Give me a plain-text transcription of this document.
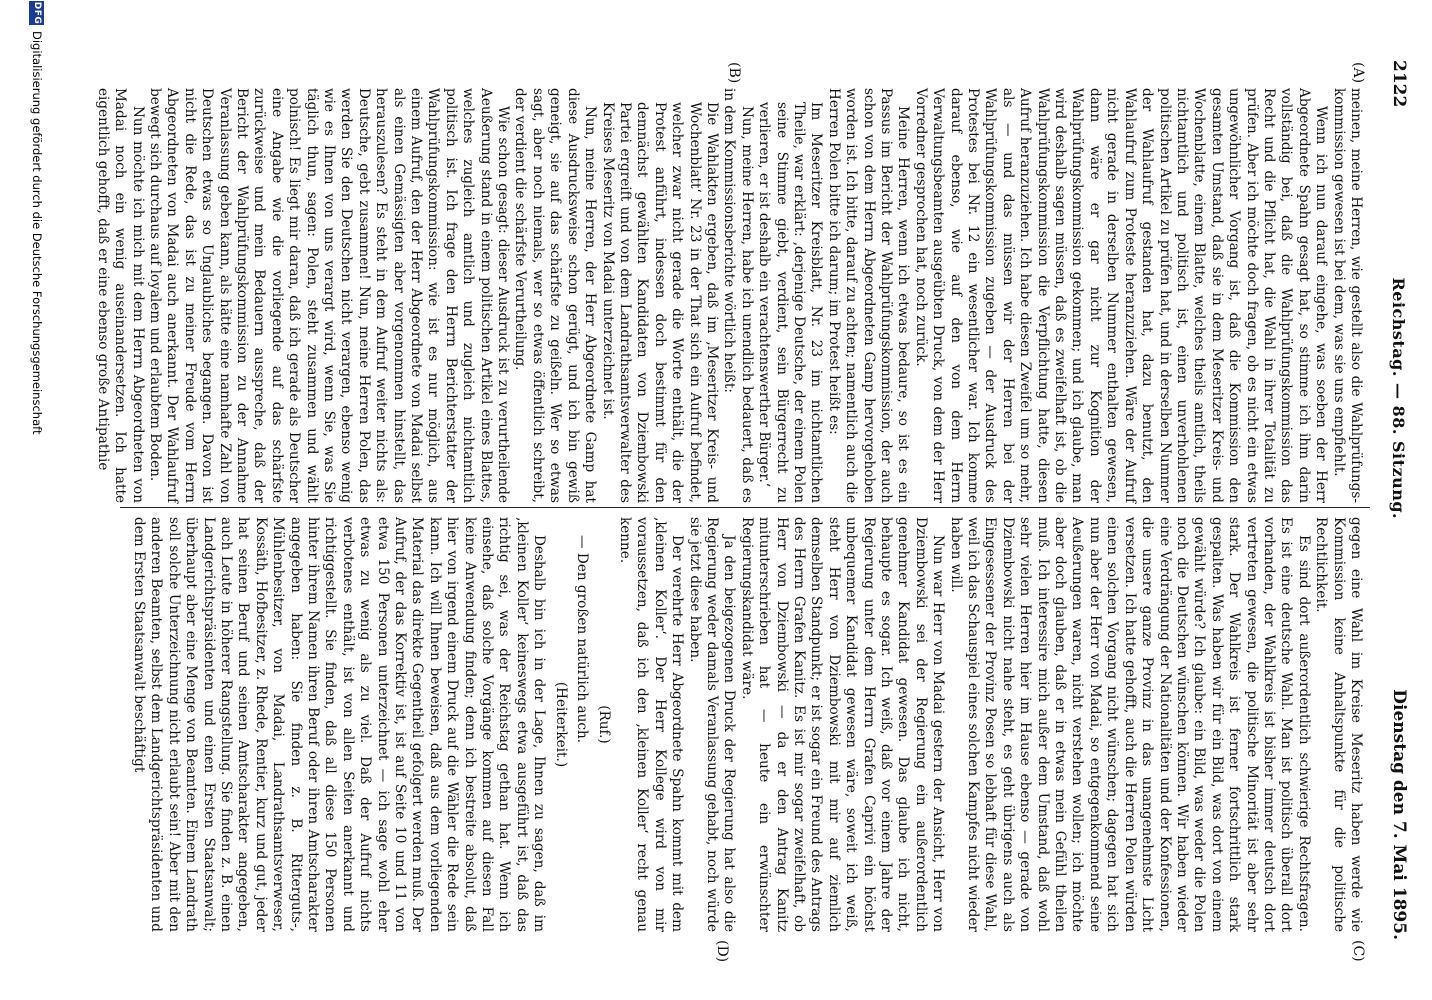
2122
Reichstag. — 88. Sitzung.
Dienstag den 7. Mai 1895.
(A)
(B)
(C)
(D)

meinen, meine Herren, wie gestellt also die Wahlprüfungs-kommission gewesen ist bei dem, was sie uns empfiehlt.

Wenn ich nun darauf eingehe, was soeben der Herr Abgeordnete Spahn gesagt hat, so stimme ich ihm darin vollständig bei, daß die Wahlprüfungskommission das Recht und die Pflicht hat, die Wahl in ihrer Totalität zu prüfen. Aber ich möchte doch fragen, ob es nicht ein etwas ungewöhnlicher Vorgang ist, daß die Kommission den gesamten Umstand, daß sie in dem Meseritzer Kreis- und Wochenblatte, einem Blatte, welches theils amtlich, theils nichtamtlich und politisch ist, einen unverhohlenen politischen Artikel zu prüfen hat, und in derselben Nummer der Wahlaufruf gestanden hat, dazu benutzt, den Wahlaufruf zum Proteste heranzuziehen. Wäre der Aufruf nicht gerade in derselben Nummer enthalten gewesen, dann wäre er gar nicht zur Kognition der Wahlprüfungskommission gekommen; und ich glaube, man wird deshalb sagen müssen, daß es zweifelhaft ist, ob die Wahlprüfungskommission die Verpflichtung hatte, diesen Aufruf heranzuziehen. Ich habe diesen Zweifel um so mehr, als — und das müssen wir der Herren bei der Wahlprüfungskommission zugeben — der Ausdruck des Protestes bei Nr. 12 ein wesentlicher war. Ich komme darauf ebenso, wie auf den von dem Herrn Verwaltungsbeamten ausgeübten Druck, von dem der Herr Vorredner gesprochen hat, noch zurück.

Meine Herren, wenn ich etwas bedaure, so ist es ein Passus im Bericht der Wahlprüfungskommission, der auch schon von dem Herrn Abgeordneten Gamp hervorgehoben worden ist. Ich bitte, darauf zu achten; namentlich auch die Herren Polen bitte ich darum; im Protest heißt es:

Im Meseritzer Kreisblatt, Nr. 23 im nichtamtlichen Theile, war erklärt: ‚derjenige Deutsche, der einem Polen seine Stimme giebt, verdient, sein Bürgerrecht zu verlieren, er ist deshalb ein verachtenswerther Bürger.‘

Nun, meine Herren, habe ich unendlich bedauert, daß es in dem Kommissionsberichte wörtlich heißt:

Die Wahlakten ergeben, daß im ‚Meseritzer Kreis- und Wochenblatt‘ Nr. 23 in der That sich ein Aufruf befindet, welcher zwar nicht gerade die Worte enthält, die der Protest anführt, indessen doch bestimmt für den demnächst gewählten Kandidaten von Dziembowski Partei ergreift und von dem Landrathsamtsverwalter des Kreises Meseritz von Madai unterzeichnet ist.

Nun, meine Herren, der Herr Abgeordnete Gamp hat diese Ausdrucksweise schon gerügt, und ich bin gewiß geneigt, sie auf das schärfste zu geißeln. Wer so etwas sagt, aber noch niemals, wer so etwas öffentlich schreibt, der verdient die schärfste Verurtheilung.

Wie schon gesagt: dieser Ausdruck ist zu verurtheilende Aeußerung stand in einem politischen Artikel eines Blattes, welches zugleich amtlich und zugleich nichtamtlich politisch ist. Ich frage den Herrn Berichterstatter der Wahlprüfungskommission: wie ist es nur möglich, aus einem Aufruf, den der Herr Abgeordnete von Madai selbst als einen Gemässigten aber vorgenommen hinstellt, das herauszulesen? Es steht in dem Aufruf weiter nichts als: Deutsche, gebt zusammen! Nun, meine Herren Polen, das werden Sie den Deutschen nicht verargen, ebenso wenig wie es Ihnen von uns verargt wird, wenn Sie, was Sie täglich thun, sagen: Polen, steht zusammen und wählt polnisch! Es liegt mir daran, daß ich gerade als Deutscher eine Angabe wie die vorliegende auf das schärfste zurückweise und mein Bedauern ausspreche, daß der Bericht der Wahlprüfungskommission zu der Annahme Veranlassung geben kann, als hätte eine namhafte Zahl von Deutschen etwas so Unglaubliches begangen. Davon ist nicht die Rede, das ist zu meiner Freude vom Herrn Abgeordneten von Madai auch anerkannt. Der Wahlaufruf bewegt sich durchaus auf loyalem und erlaubtem Boden.

Nun möchte ich mich mit dem Herrn Abgeordneten von Madai noch ein wenig auseinandersetzen. Ich hatte eigentlich gehofft, daß er eine ebenso große Antipathie

gegen eine Wahl im Kreise Meseritz haben werde wie Kommission keine Anhaltspunkte für die politische Rechtlichkeit.

Es sind dort außerordentlich schwierige Rechtsfragen. Es ist eine deutsche Wahl. Man ist politisch überall dort vorhanden, der Wahlkreis ist bisher immer deutsch dort vertreten gewesen, die politische Minorität ist aber sehr stark. Der Wahlkreis ist ferner fortschrittlich stark gespalten. Was haben wir für ein Bild, was dort von einem gewählt würde? Ich glaube: ein Bild, was weder die Polen noch die Deutschen wünschen können. Wir haben wieder eine Verdrängung der Nationalitäten und der Konfessionen, die unsere ganze Provinz in das unangenehmste Licht versetzen. Ich hatte gehofft, auch die Herren Polen würden einen solchen Vorgang nicht wünschen; dagegen hat sich nun aber der Herr von Madai, so entgegenkommend seine Aeußerungen waren, nicht verstehen wollen; ich möchte aber doch glauben, daß er in etwas mein Gefühl theilen muß. Ich interessire mich außer dem Umstand, daß wohl sehr vielen Herren hier im Hause ebenso — gerade von Dziembowski nicht nahe steht, es geht übrigens auch als Eingesessener der Provinz Posen so lebhaft für diese Wahl, weil ich das Schauspiel eines solchen Kampfes nicht wieder haben will.

Nun war Herr von Madai gestern der Ansicht, Herr von Dziembowski sei der Regierung ein außerordentlich genehmer Kandidat gewesen. Das glaube ich nicht, behaupte es sogar. Ich weiß, daß vor einem Jahre der Regierung unter dem Herrn Grafen Caprivi ein höchst unbequemer Kandidat gewesen wäre, soweit ich weiß, steht Herr von Dziembowski mit mir auf ziemlich demselben Standpunkt; er ist sogar ein Freund des Antrags des Herrn Grafen Kanitz. Es ist mir sogar zweifelhaft, ob Herr von Dziembowski — da er den Antrag Kanitz mitunterschrieben hat — heute ein erwünschter Regierungskandidat wäre.

Ja den beigezogenen Druck der Regierung hat also die Regierung weder damals Veranlassung gehabt, noch würde sie jetzt diese haben.

Der verehrte Herr Abgeordnete Spahn kommt mit dem ‚kleinen Koller‘. Der Herr Kollege wird von mir voraussetzen, daß ich den ‚kleinen Koller‘ recht genau kenne.

(Ruf.)

— Den großen natürlich auch.

(Heiterkeit.)

Deshalb bin ich in der Lage, Ihnen zu sagen, daß im ‚kleinen Koller‘ keineswegs etwa ausgeführt ist, daß das richtig sei, was der Reichstag gethan hat. Wenn ich einsehe, daß solche Vorgänge kommen auf diesen Fall keine Anwendung finden; denn ich bestreite absolut, daß hier von irgend einem Druck auf die Wähler die Rede sein kann. Ich will Ihnen beweisen, daß aus dem vorliegenden Material das direkte Gegentheil gefolgert werden muß. Der Aufruf, der das Korrektiv ist, ist auf Seite 10 und 11 von etwa 150 Personen unterzeichnet — ich sage wohl eher etwas zu wenig als zu viel. Daß der Aufruf nichts verbotenes enthält, ist von allen Seiten anerkannt und richtiggestellt. Sie finden, daß all diese 150 Personen hinter ihrem Namen ihren Beruf oder ihren Amtscharakter angegeben haben: Sie finden z. B. Ritterguts-, Mühlenbesitzer, von Madai, Landrathsamtsverweser, Kossäth, Hofbesitzer, z. Rhede, Rentier, kurz und gut, jeder hat seinen Beruf und seinen Amtscharakter angegeben, auch Leute in höherer Rangstellung. Sie finden z. B. einen Landgerichtspräsidenten und einen Ersten Staatsanwalt; überhaupt aber eine Menge von Beamten. Einem Landrath soll solche Unterzeichnung nicht erlaubt sein! Aber mit den anderen Beamten, selbst dem Landgerichtspräsidenten und dem Ersten Staatsanwalt beschäftigt

DFG
Digitalisierung gefördert durch die Deutsche Forschungsgemeinschaft
